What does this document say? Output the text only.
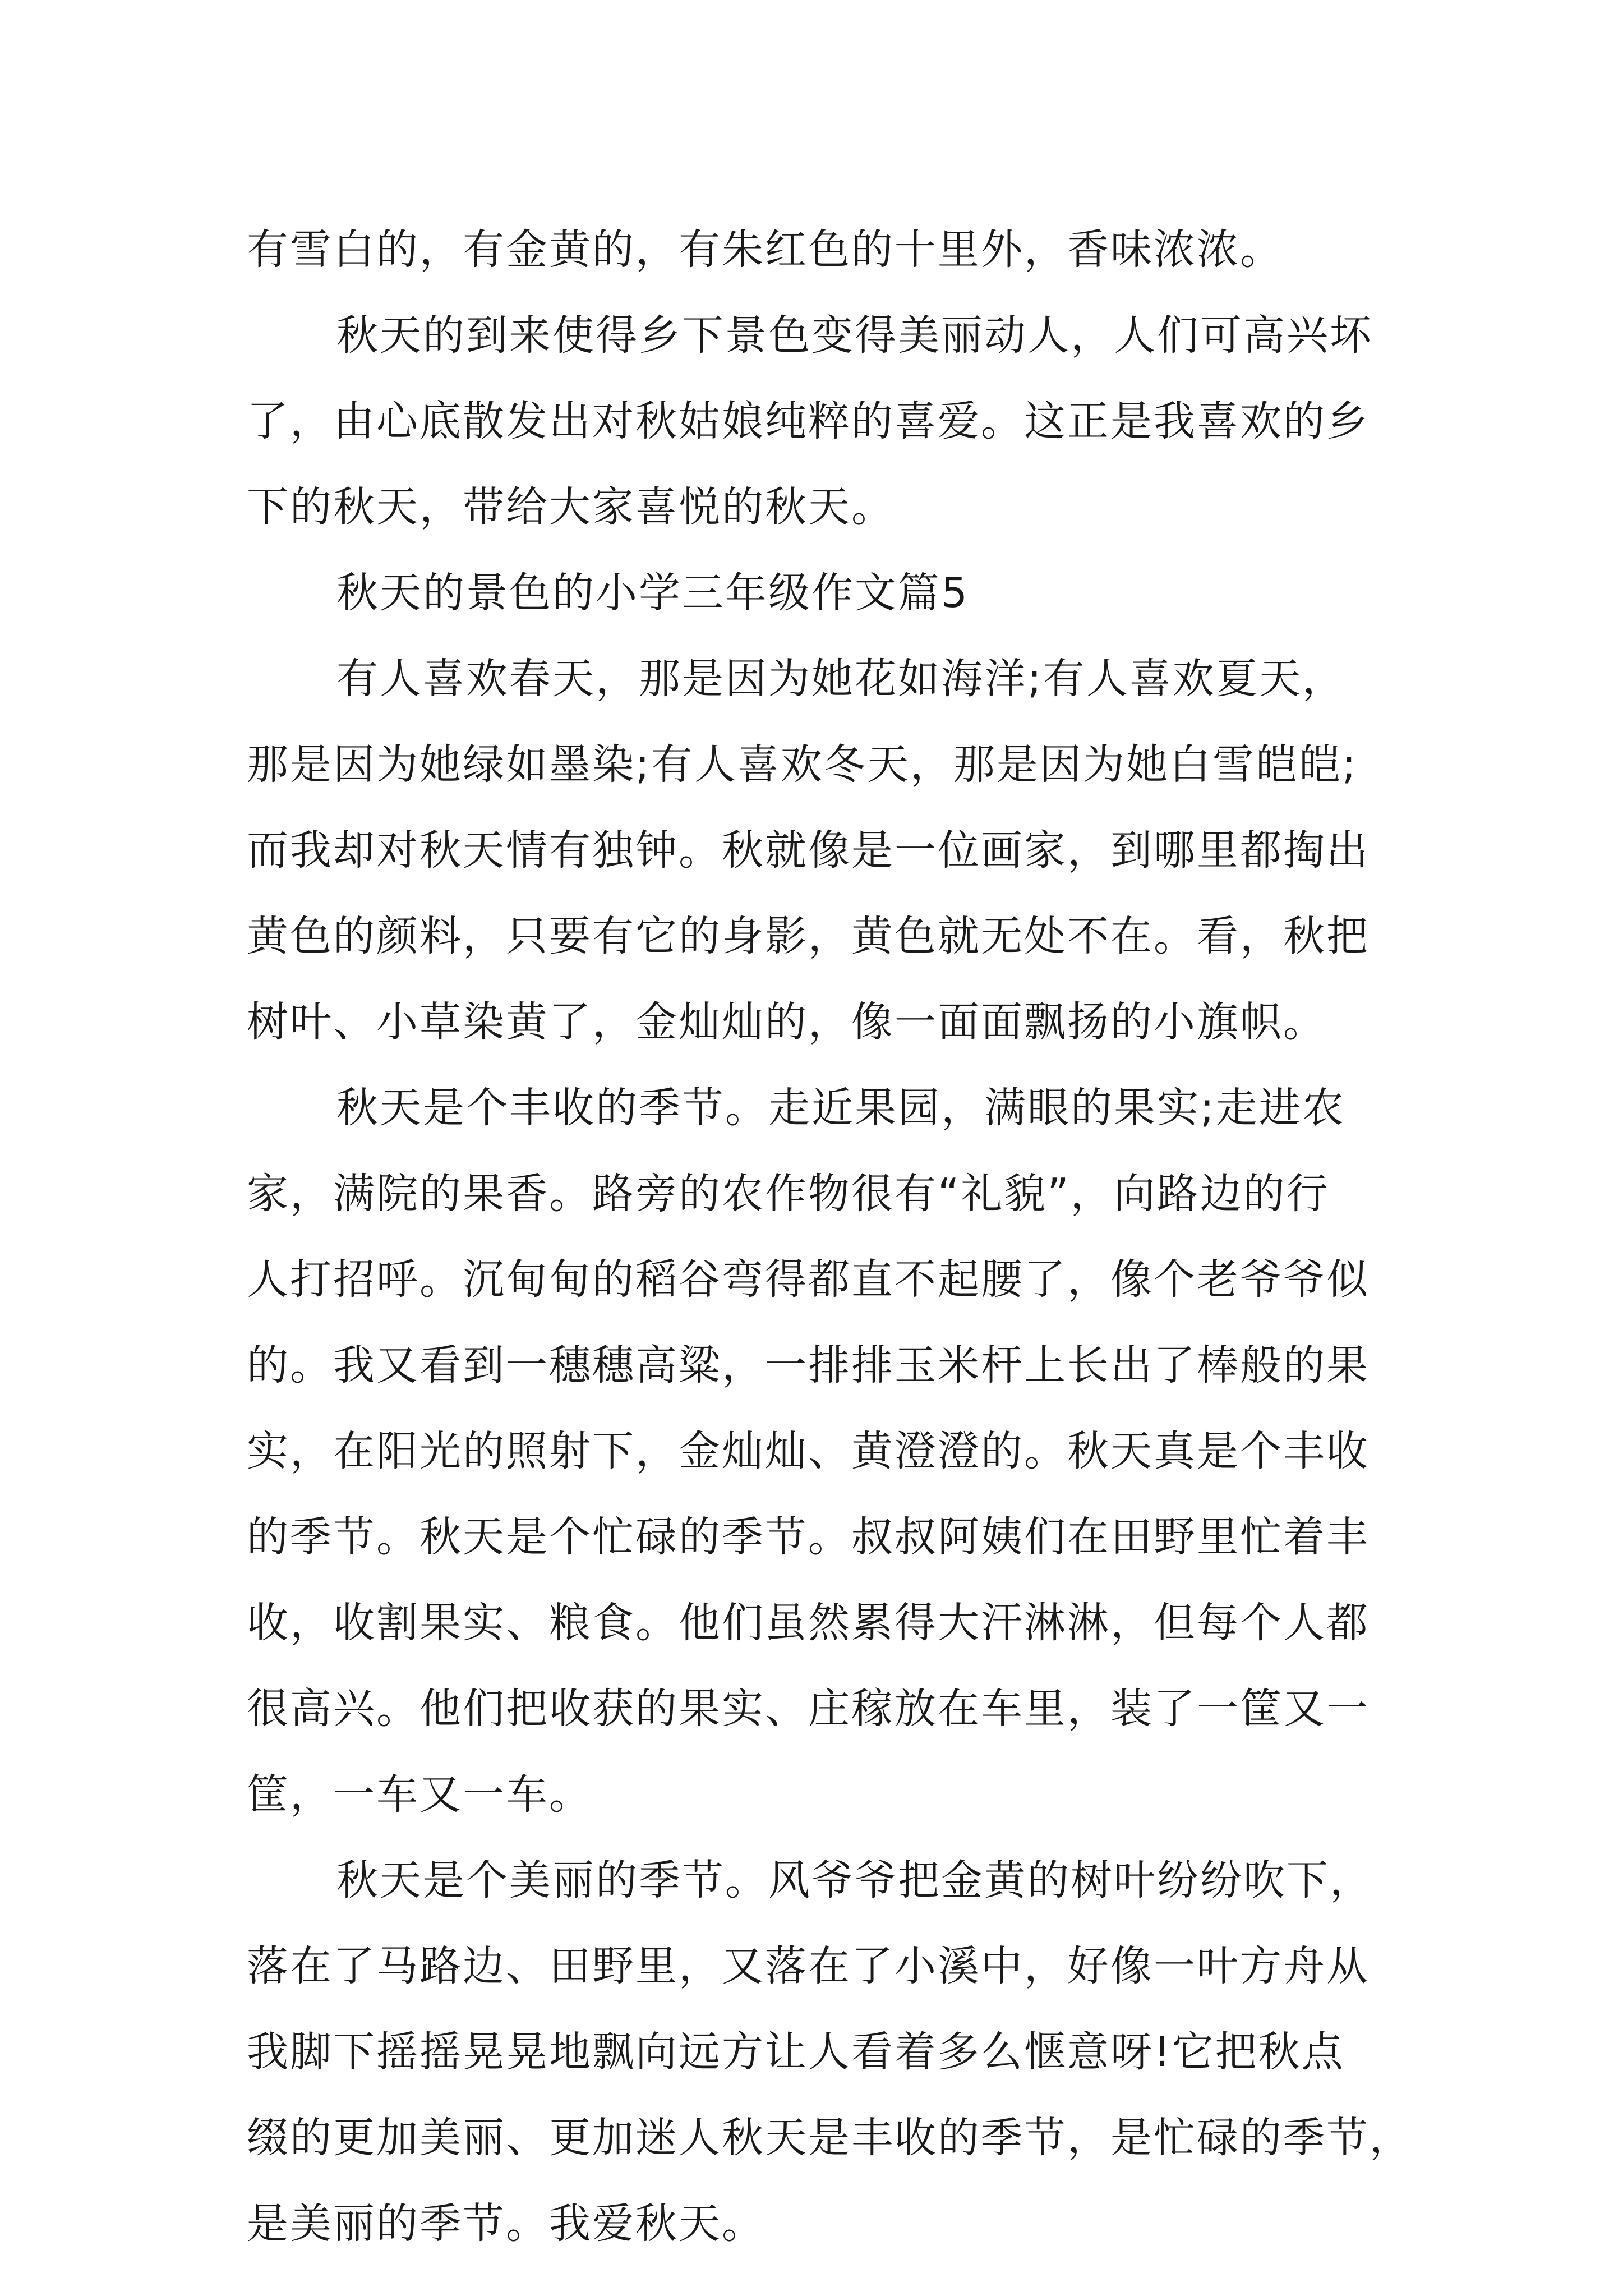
有雪白的，有金黄的，有朱红色的十里外，香味浓浓。
秋天的到来使得乡下景色变得美丽动人，人们可高兴坏
了，由心底散发出对秋姑娘纯粹的喜爱。这正是我喜欢的乡
下的秋天，带给大家喜悦的秋天。
秋天的景色的小学三年级作文篇5
有人喜欢春天，那是因为她花如海洋;有人喜欢夏天，
那是因为她绿如墨染;有人喜欢冬天，那是因为她白雪皑皑;
而我却对秋天情有独钟。秋就像是一位画家，到哪里都掏出
黄色的颜料，只要有它的身影，黄色就无处不在。看，秋把
树叶、小草染黄了，金灿灿的，像一面面飘扬的小旗帜。
秋天是个丰收的季节。走近果园，满眼的果实;走进农
家，满院的果香。路旁的农作物很有“礼貌”，向路边的行
人打招呼。沉甸甸的稻谷弯得都直不起腰了，像个老爷爷似
的。我又看到一穗穗高粱，一排排玉米杆上长出了棒般的果
实，在阳光的照射下，金灿灿、黄澄澄的。秋天真是个丰收
的季节。秋天是个忙碌的季节。叔叔阿姨们在田野里忙着丰
收，收割果实、粮食。他们虽然累得大汗淋淋，但每个人都
很高兴。他们把收获的果实、庄稼放在车里，装了一筐又一
筐，一车又一车。
秋天是个美丽的季节。风爷爷把金黄的树叶纷纷吹下，
落在了马路边、田野里，又落在了小溪中，好像一叶方舟从
我脚下摇摇晃晃地飘向远方让人看着多么惬意呀!它把秋点
缀的更加美丽、更加迷人秋天是丰收的季节，是忙碌的季节，
是美丽的季节。我爱秋天。
